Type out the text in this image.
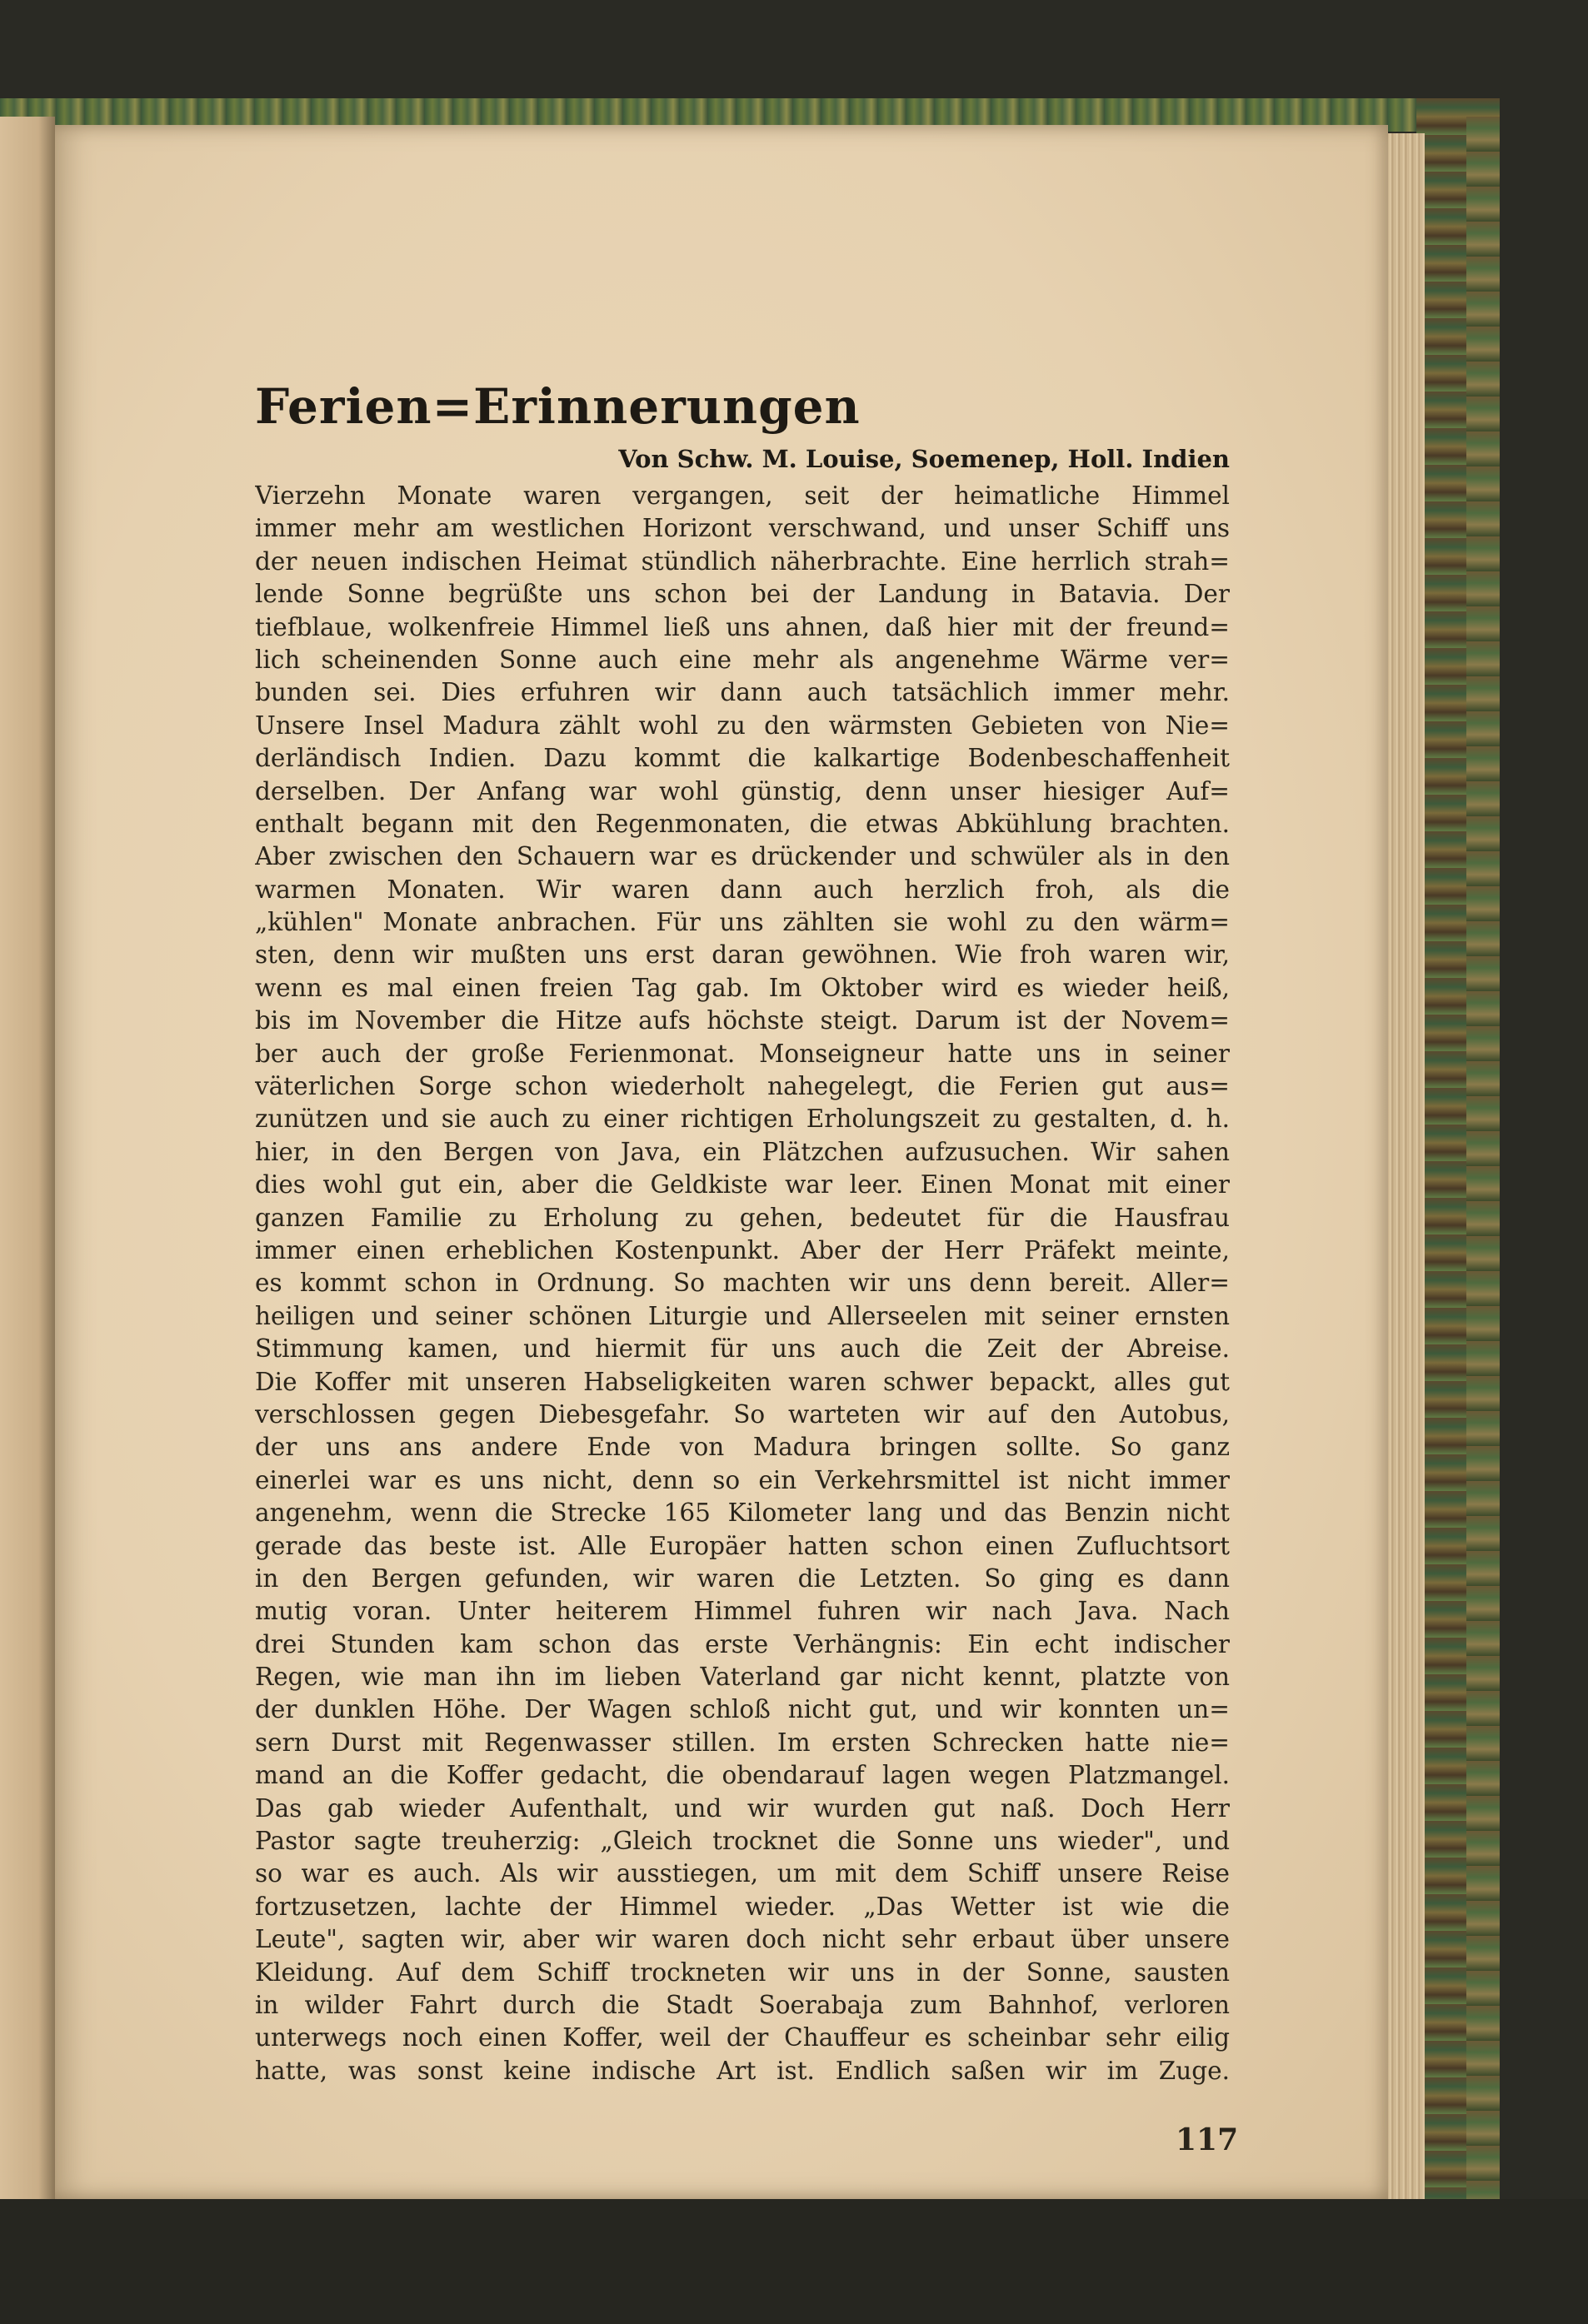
Ferien=Erinnerungen

Von Schw. M. Louise, Soemenep, Holl. Indien

Vierzehn Monate waren vergangen, seit der heimatliche Himmel
immer mehr am westlichen Horizont verschwand, und unser Schiff uns
der neuen indischen Heimat stündlich näherbrachte. Eine herrlich strah=
lende Sonne begrüßte uns schon bei der Landung in Batavia. Der
tiefblaue, wolkenfreie Himmel ließ uns ahnen, daß hier mit der freund=
lich scheinenden Sonne auch eine mehr als angenehme Wärme ver=
bunden sei. Dies erfuhren wir dann auch tatsächlich immer mehr.
Unsere Insel Madura zählt wohl zu den wärmsten Gebieten von Nie=
derländisch Indien. Dazu kommt die kalkartige Bodenbeschaffenheit
derselben. Der Anfang war wohl günstig, denn unser hiesiger Auf=
enthalt begann mit den Regenmonaten, die etwas Abkühlung brachten.
Aber zwischen den Schauern war es drückender und schwüler als in den
warmen Monaten. Wir waren dann auch herzlich froh, als die
„kühlen" Monate anbrachen. Für uns zählten sie wohl zu den wärm=
sten, denn wir mußten uns erst daran gewöhnen. Wie froh waren wir,
wenn es mal einen freien Tag gab. Im Oktober wird es wieder heiß,
bis im November die Hitze aufs höchste steigt. Darum ist der Novem=
ber auch der große Ferienmonat. Monseigneur hatte uns in seiner
väterlichen Sorge schon wiederholt nahegelegt, die Ferien gut aus=
zunützen und sie auch zu einer richtigen Erholungszeit zu gestalten, d. h.
hier, in den Bergen von Java, ein Plätzchen aufzusuchen. Wir sahen
dies wohl gut ein, aber die Geldkiste war leer. Einen Monat mit einer
ganzen Familie zu Erholung zu gehen, bedeutet für die Hausfrau
immer einen erheblichen Kostenpunkt. Aber der Herr Präfekt meinte,
es kommt schon in Ordnung. So machten wir uns denn bereit. Aller=
heiligen und seiner schönen Liturgie und Allerseelen mit seiner ernsten
Stimmung kamen, und hiermit für uns auch die Zeit der Abreise.
Die Koffer mit unseren Habseligkeiten waren schwer bepackt, alles gut
verschlossen gegen Diebesgefahr. So warteten wir auf den Autobus,
der uns ans andere Ende von Madura bringen sollte. So ganz
einerlei war es uns nicht, denn so ein Verkehrsmittel ist nicht immer
angenehm, wenn die Strecke 165 Kilometer lang und das Benzin nicht
gerade das beste ist. Alle Europäer hatten schon einen Zufluchtsort
in den Bergen gefunden, wir waren die Letzten. So ging es dann
mutig voran. Unter heiterem Himmel fuhren wir nach Java. Nach
drei Stunden kam schon das erste Verhängnis: Ein echt indischer
Regen, wie man ihn im lieben Vaterland gar nicht kennt, platzte von
der dunklen Höhe. Der Wagen schloß nicht gut, und wir konnten un=
sern Durst mit Regenwasser stillen. Im ersten Schrecken hatte nie=
mand an die Koffer gedacht, die obendarauf lagen wegen Platzmangel.
Das gab wieder Aufenthalt, und wir wurden gut naß. Doch Herr
Pastor sagte treuherzig: „Gleich trocknet die Sonne uns wieder", und
so war es auch. Als wir ausstiegen, um mit dem Schiff unsere Reise
fortzusetzen, lachte der Himmel wieder. „Das Wetter ist wie die
Leute", sagten wir, aber wir waren doch nicht sehr erbaut über unsere
Kleidung. Auf dem Schiff trockneten wir uns in der Sonne, sausten
in wilder Fahrt durch die Stadt Soerabaja zum Bahnhof, verloren
unterwegs noch einen Koffer, weil der Chauffeur es scheinbar sehr eilig
hatte, was sonst keine indische Art ist. Endlich saßen wir im Zuge.
117
